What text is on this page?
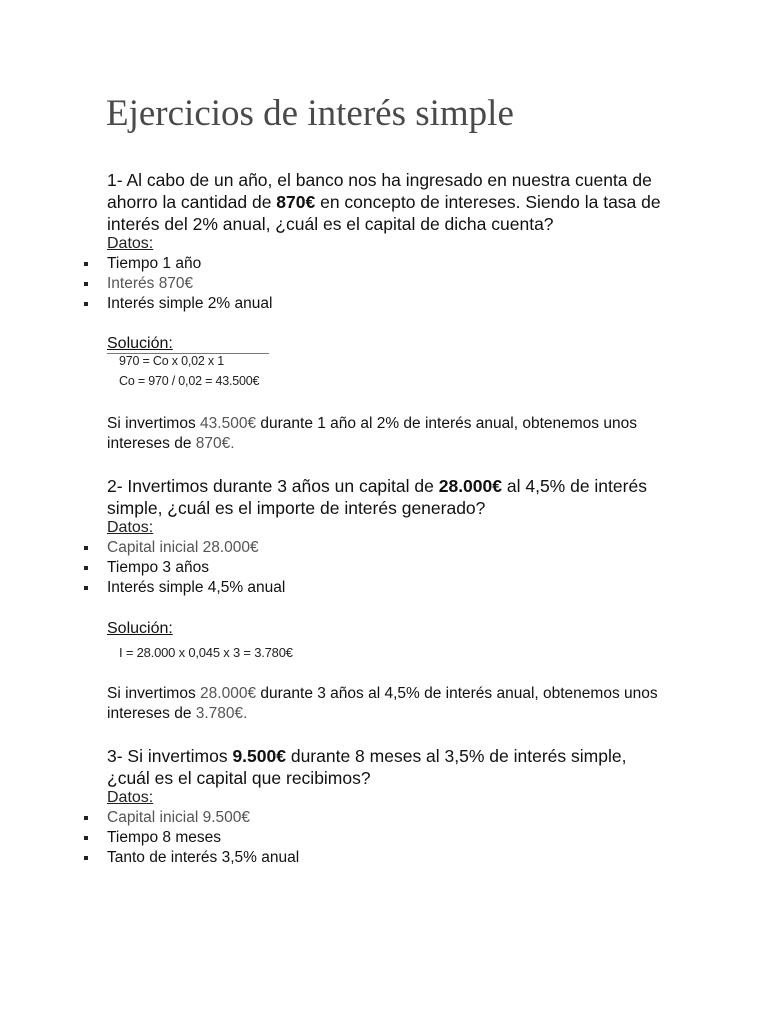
Ejercicios de interés simple
1- Al cabo de un año, el banco nos ha ingresado en nuestra cuenta de ahorro la cantidad de 870€ en concepto de intereses. Siendo la tasa de interés del 2% anual, ¿cuál es el capital de dicha cuenta?
Datos:
Tiempo 1 año
Interés 870€
Interés simple 2% anual
Solución:
970 = Co x 0,02 x 1
Co = 970 / 0,02 = 43.500€
Si invertimos 43.500€ durante 1 año al 2% de interés anual, obtenemos unos intereses de 870€.
2- Invertimos durante 3 años un capital de 28.000€ al 4,5% de interés simple, ¿cuál es el importe de interés generado?
Datos:
Capital inicial 28.000€
Tiempo 3 años
Interés simple 4,5% anual
Solución:
I = 28.000 x 0,045 x 3 = 3.780€
Si invertimos 28.000€ durante 3 años al 4,5% de interés anual, obtenemos unos intereses de 3.780€.
3- Si invertimos 9.500€ durante 8 meses al 3,5% de interés simple, ¿cuál es el capital que recibimos?
Datos:
Capital inicial 9.500€
Tiempo 8 meses
Tanto de interés 3,5% anual
